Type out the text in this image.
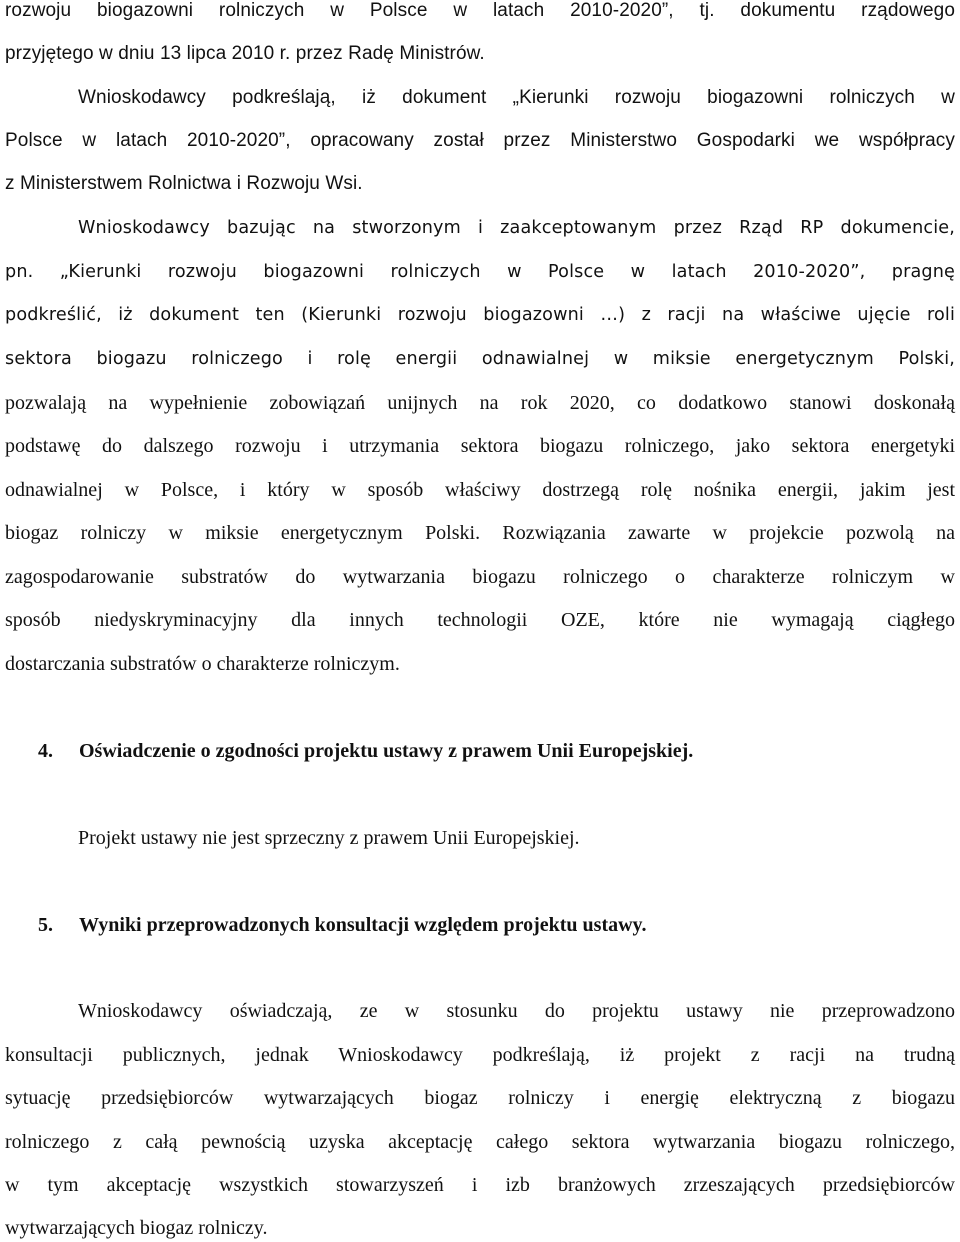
rozwoju biogazowni rolniczych w Polsce w latach 2010-2020”, tj. dokumentu rządowego
przyjętego w dniu 13 lipca 2010 r. przez Radę Ministrów.
Wnioskodawcy podkreślają, iż dokument „Kierunki rozwoju biogazowni rolniczych w
Polsce w latach 2010-2020”, opracowany został przez Ministerstwo Gospodarki we współpracy
z Ministerstwem Rolnictwa i Rozwoju Wsi.
Wnioskodawcy bazując na stworzonym i zaakceptowanym przez Rząd RP dokumencie,
pn. „Kierunki rozwoju biogazowni rolniczych w Polsce w latach 2010-2020”, pragnę
podkreślić, iż dokument ten (Kierunki rozwoju biogazowni …) z racji na właściwe ujęcie roli
sektora biogazu rolniczego i rolę energii odnawialnej w miksie energetycznym Polski,
pozwalają na wypełnienie zobowiązań unijnych na rok 2020, co dodatkowo stanowi doskonałą
podstawę do dalszego rozwoju i utrzymania sektora biogazu rolniczego, jako sektora energetyki
odnawialnej w Polsce, i który w sposób właściwy dostrzegą rolę nośnika energii, jakim jest
biogaz rolniczy w miksie energetycznym Polski. Rozwiązania zawarte w projekcie pozwolą na
zagospodarowanie substratów do wytwarzania biogazu rolniczego o charakterze rolniczym w
sposób niedyskryminacyjny dla innych technologii OZE, które nie wymagają ciągłego
dostarczania substratów o charakterze rolniczym.
4. Oświadczenie o zgodności projektu ustawy z prawem Unii Europejskiej.
Projekt ustawy nie jest sprzeczny z prawem Unii Europejskiej.
5. Wyniki przeprowadzonych konsultacji względem projektu ustawy.
Wnioskodawcy oświadczają, ze w stosunku do projektu ustawy nie przeprowadzono
konsultacji publicznych, jednak Wnioskodawcy podkreślają, iż projekt z racji na trudną
sytuację przedsiębiorców wytwarzających biogaz rolniczy i energię elektryczną z biogazu
rolniczego z całą pewnością uzyska akceptację całego sektora wytwarzania biogazu rolniczego,
w tym akceptację wszystkich stowarzyszeń i izb branżowych zrzeszających przedsiębiorców
wytwarzających biogaz rolniczy.
